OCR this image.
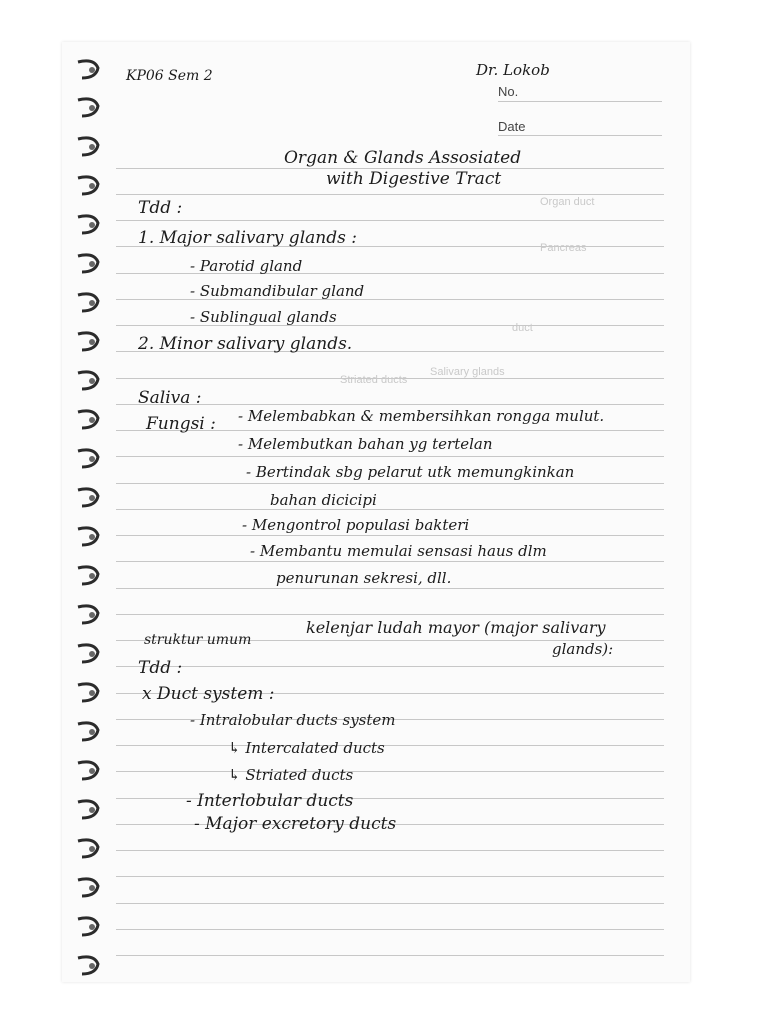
Organ duct
Salivary glands
Pancreas
duct
Striated ducts
KP06 Sem 2	Dr. Lokob
No.
Date
Organ & Glands Assosiated
with Digestive Tract
Tdd :
1. Major salivary glands :
- Parotid gland
- Submandibular gland
- Sublingual glands
2. Minor salivary glands.
Saliva :
Fungsi : - Melembabkan & membersihkan rongga mulut.
- Melembutkan bahan yg tertelan
- Bertindak sbg pelarut utk memungkinkan
bahan dicicipi
- Mengontrol populasi bakteri
- Membantu memulai sensasi haus dlm
penurunan sekresi, dll.
struktur umum
kelenjar ludah mayor (major salivary
glands):
Tdd :
x Duct system :
- Intralobular ducts system
↳ Intercalated ducts
↳ Striated ducts
- Interlobular ducts
- Major excretory ducts
